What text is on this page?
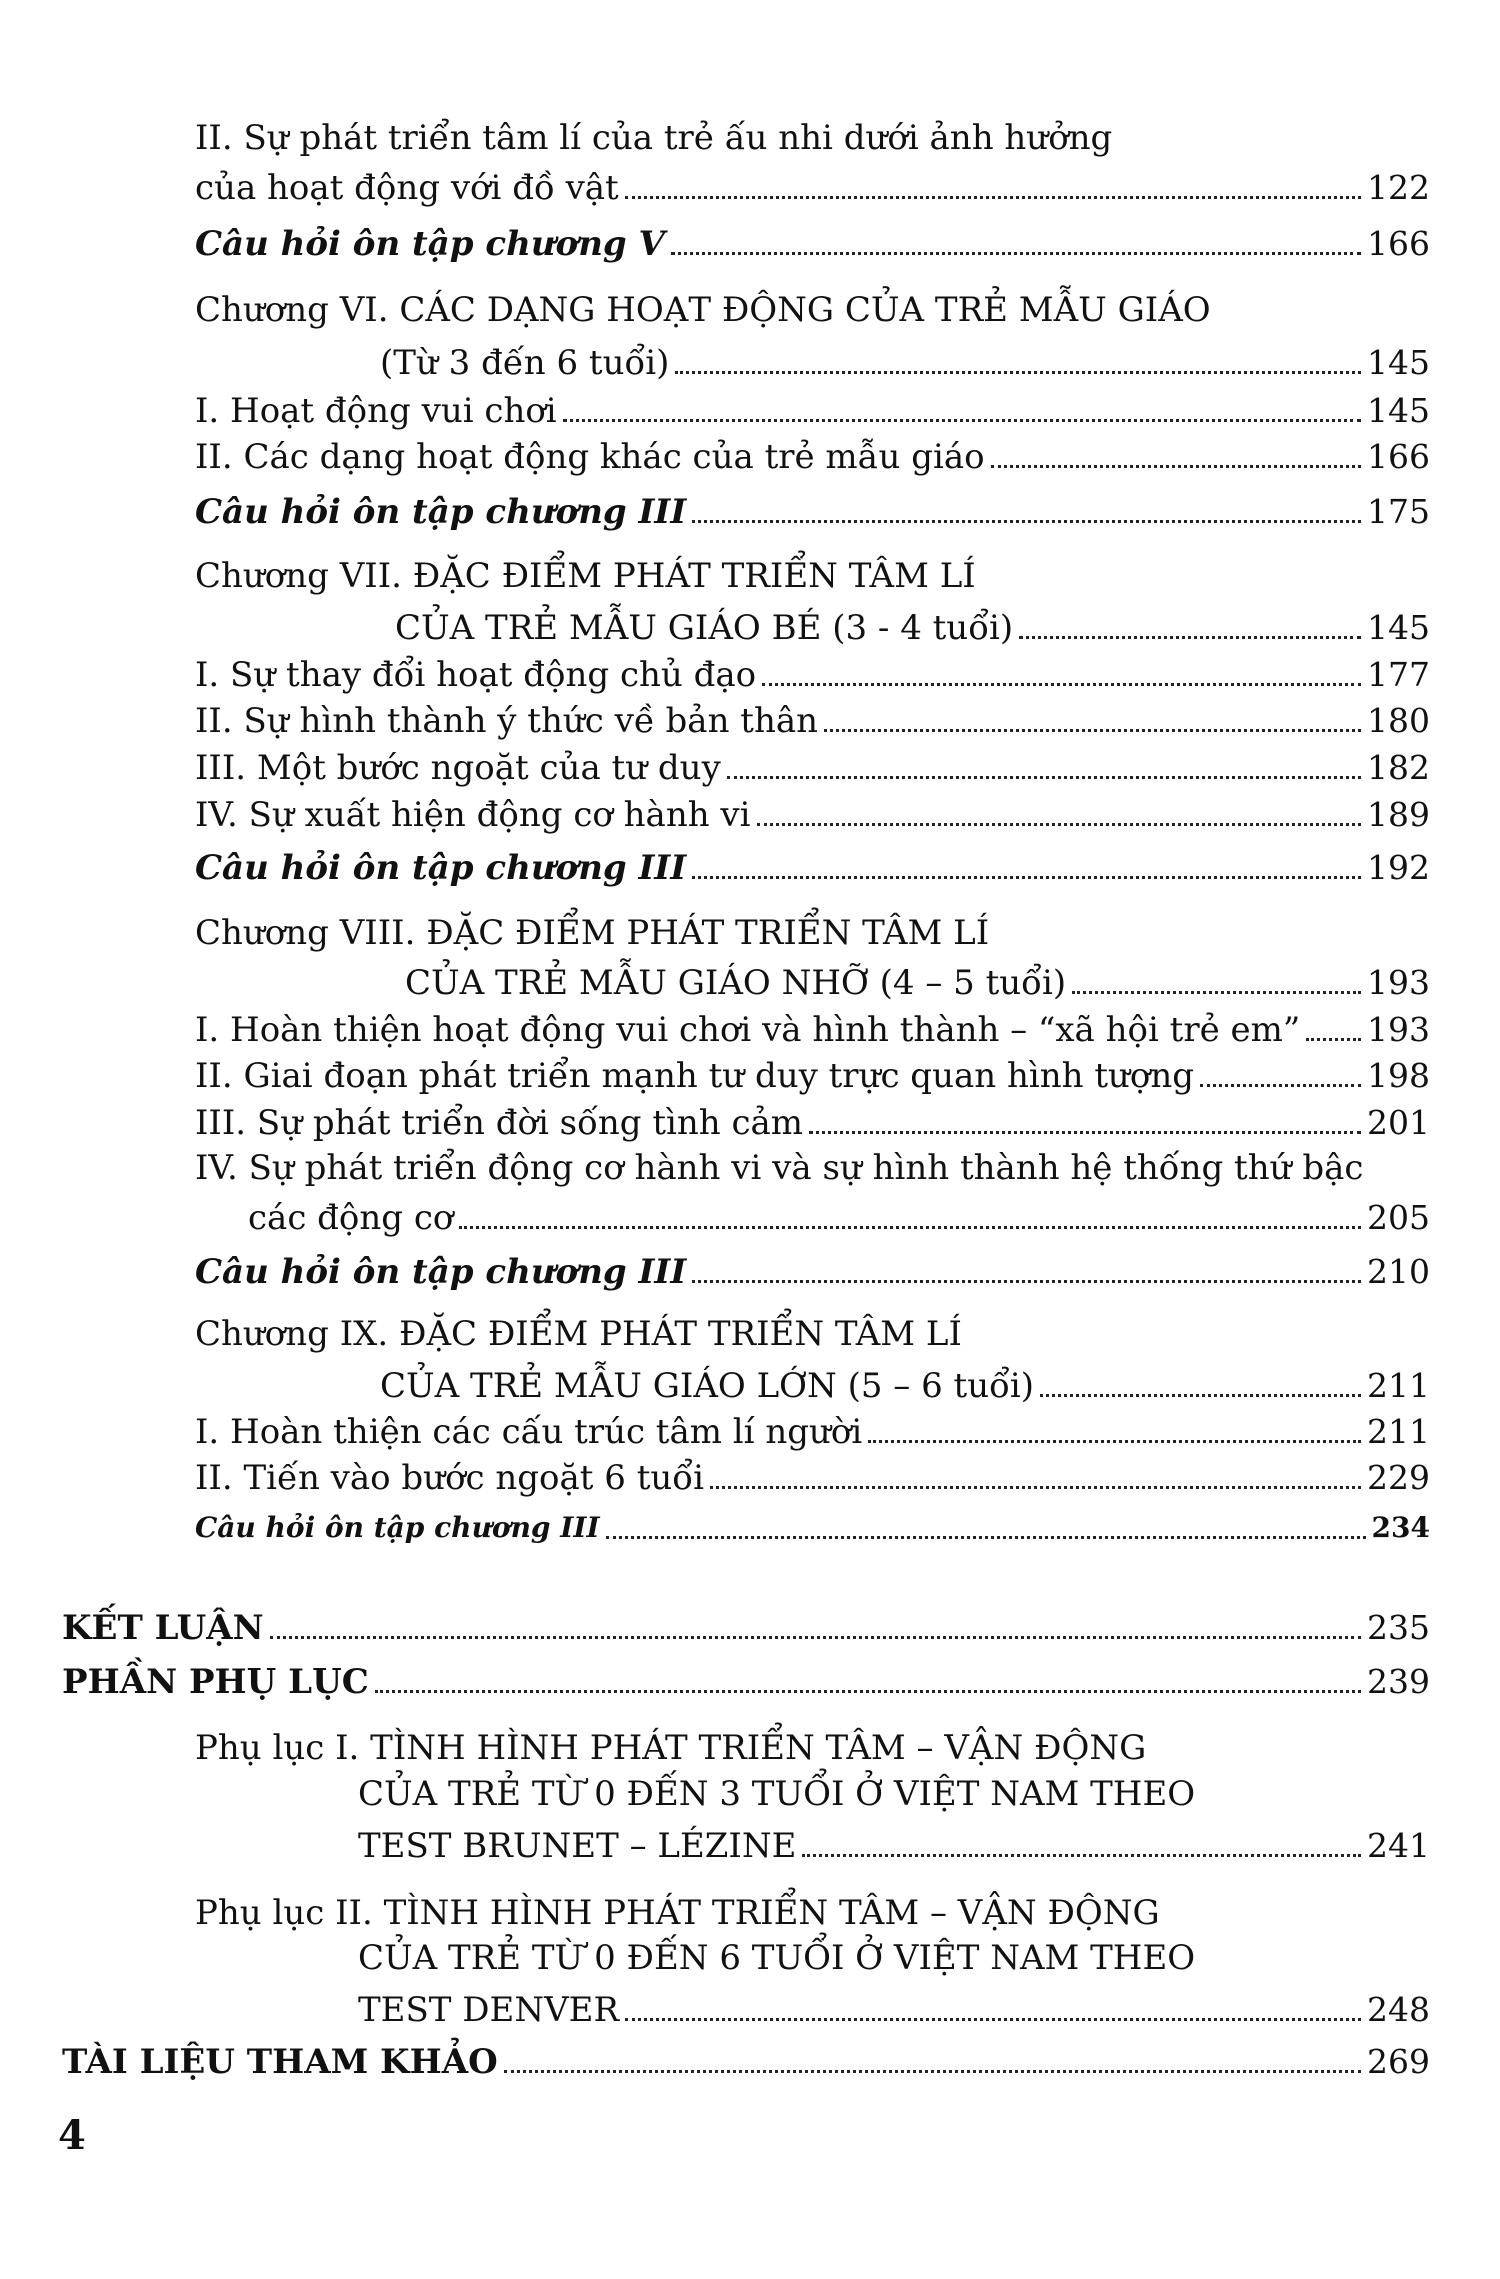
II. Sự phát triển tâm lí của trẻ ấu nhi dưới ảnh hưởng
của hoạt động với đồ vật	122
Câu hỏi ôn tập chương V	166
Chương VI. CÁC DẠNG HOẠT ĐỘNG CỦA TRẺ MẪU GIÁO
(Từ 3 đến 6 tuổi)	145
I. Hoạt động vui chơi	145
II. Các dạng hoạt động khác của trẻ mẫu giáo	166
Câu hỏi ôn tập chương III	175
Chương VII. ĐẶC ĐIỂM PHÁT TRIỂN TÂM LÍ
CỦA TRẺ MẪU GIÁO BÉ (3 - 4 tuổi)	145
I. Sự thay đổi hoạt động chủ đạo	177
II. Sự hình thành ý thức về bản thân	180
III. Một bước ngoặt của tư duy	182
IV. Sự xuất hiện động cơ hành vi	189
Câu hỏi ôn tập chương III	192
Chương VIII. ĐẶC ĐIỂM PHÁT TRIỂN TÂM LÍ
CỦA TRẺ MẪU GIÁO NHỠ (4 – 5 tuổi)	193
I. Hoàn thiện hoạt động vui chơi và hình thành – “xã hội trẻ em” 193
II. Giai đoạn phát triển mạnh tư duy trực quan hình tượng	198
III. Sự phát triển đời sống tình cảm	201
IV. Sự phát triển động cơ hành vi và sự hình thành hệ thống thứ bậc
các động cơ	205
Câu hỏi ôn tập chương III	210
Chương IX. ĐẶC ĐIỂM PHÁT TRIỂN TÂM LÍ
CỦA TRẺ MẪU GIÁO LỚN (5 – 6 tuổi)	211
I. Hoàn thiện các cấu trúc tâm lí người	211
II. Tiến vào bước ngoặt 6 tuổi	229
Câu hỏi ôn tập chương III	234
KẾT LUẬN	235
PHẦN PHỤ LỤC	239
Phụ lục I. TÌNH HÌNH PHÁT TRIỂN TÂM – VẬN ĐỘNG
CỦA TRẺ TỪ 0 ĐẾN 3 TUỔI Ở VIỆT NAM THEO
TEST BRUNET – LÉZINE	241
Phụ lục II. TÌNH HÌNH PHÁT TRIỂN TÂM – VẬN ĐỘNG
CỦA TRẺ TỪ 0 ĐẾN 6 TUỔI Ở VIỆT NAM THEO
TEST DENVER	248
TÀI LIỆU THAM KHẢO	269
4
